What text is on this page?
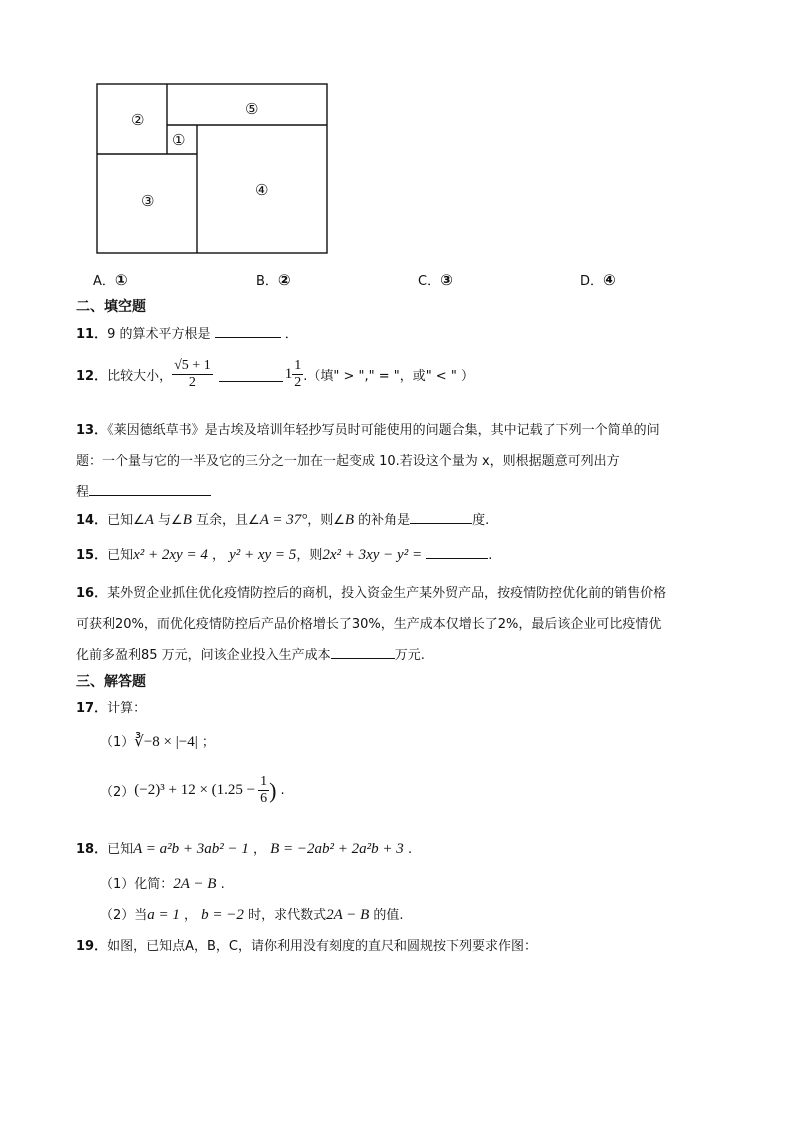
②
⑤
①
③
④
A．①	B．②	C．③	D．④
二、填空题
11．9 的算术平方根是	．
12． 比较大小， $\frac{√5 + 1}{2}$	$1 \frac{1}{2}$ .（填" > "," = "，或" < " ）
13．《莱因德纸草书》是古埃及培训年轻抄写员时可能使用的问题合集，其中记载了下列一个简单的问
题：一个量与它的一半及它的三分之一加在一起变成 10.若设这个量为 x，则根据题意可列出方
程
14．已知∠A 与∠B 互余，且∠A = 37°，则∠B 的补角是	度.
15．已知x² + 2xy = 4 ， y² + xy = 5，则2x² + 3xy − y² =	.
16．某外贸企业抓住优化疫情防控后的商机，投入资金生产某外贸产品，按疫情防控优化前的销售价格
可获利20%，而优化疫情防控后产品价格增长了30%，生产成本仅增长了2%，最后该企业可比疫情优
化前多盈利85 万元，问该企业投入生产成本	万元.
三、解答题
17．计算：
（1）∛−8 × |−4| ；
（2） $(-2)^3 + 12 \times (1.25 - \frac{1}{6}$ ) .
18．已知A = a²b + 3ab² − 1 ， B = −2ab² + 2a²b + 3 .
（1）化简：2A − B .
（2）当a = 1 ， b = −2 时，求代数式2A − B 的值.
19．如图，已知点A，B，C，请你利用没有刻度的直尺和圆规按下列要求作图：
